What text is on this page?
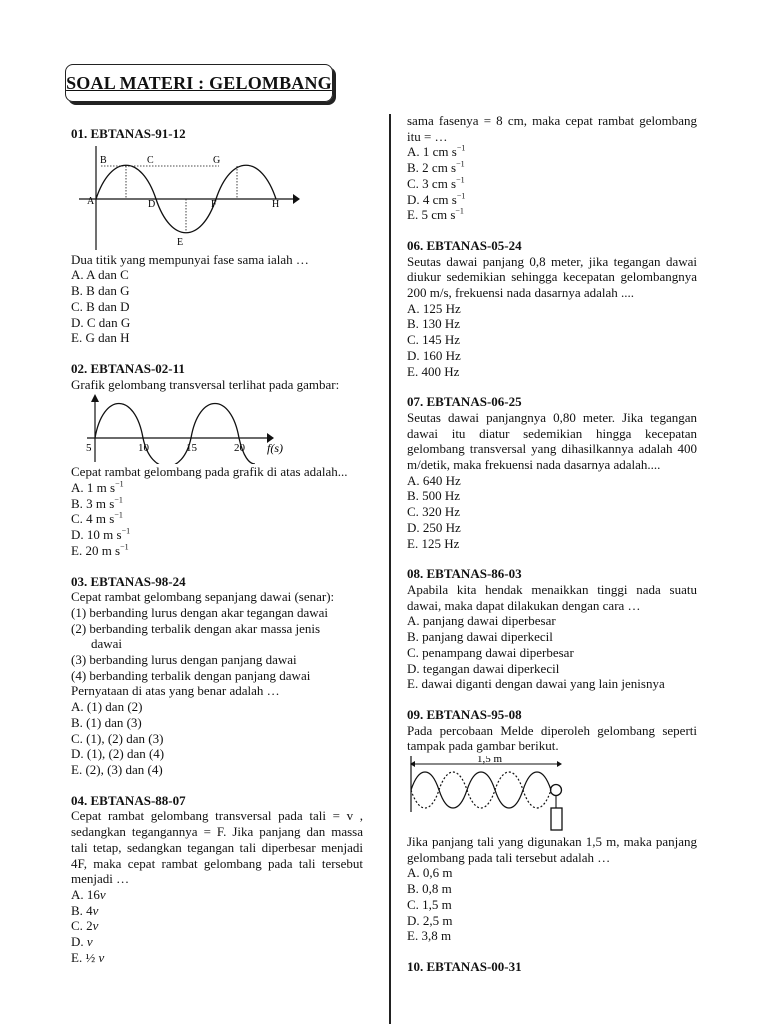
SOAL MATERI : GELOMBANG

01. EBTANAS-91-12

A
B	C
D
E
F
G
H

Dua titik yang mempunyai fase sama ialah …

A. A dan C

B. B dan G

C. B dan D

D. C dan G

E. G dan H

02. EBTANAS-02-11

Grafik gelombang transversal terlihat pada gambar:

5	10	15	20 f(s)

Cepat rambat gelombang pada grafik di atas adalah...

A. 1 m $s^{-1}$

B. 3 m $s^{-1}$

C. 4 m $s^{-1}$

D. 10 m $s^{-1}$

E. 20 m $s^{-1}$

03. EBTANAS-98-24

Cepat rambat gelombang sepanjang dawai (senar):

(1) berbanding lurus dengan akar tegangan dawai

(2) berbanding terbalik dengan akar massa jenis

dawai

(3) berbanding lurus dengan panjang dawai

(4) berbanding terbalik dengan panjang dawai

Pernyataan di atas yang benar adalah …

A. (1) dan (2)

B. (1) dan (3)

C. (1), (2) dan (3)

D. (1), (2) dan (4)

E. (2), (3) dan (4)

04. EBTANAS-88-07

Cepat rambat gelombang transversal pada tali = v , sedangkan tegangannya = F. Jika panjang dan massa tali tetap, sedangkan tegangan tali diperbesar menjadi 4F, maka cepat rambat gelombang pada tali tersebut menjadi …

A. 16v

B. 4v

C. 2v

D. v

E. ½ v

sama fasenya = 8 cm, maka cepat rambat gelombang itu = …

A. 1 cm $s^{-1}$

B. 2 cm $s^{-1}$

C. 3 cm $s^{-1}$

D. 4 cm $s^{-1}$

E. 5 cm $s^{-1}$

06. EBTANAS-05-24

Seutas dawai panjang 0,8 meter, jika tegangan dawai diukur sedemikian sehingga kecepatan gelombangnya 200 m/s, frekuensi nada dasarnya adalah ....

A. 125 Hz

B. 130 Hz

C. 145 Hz

D. 160 Hz

E. 400 Hz

07. EBTANAS-06-25

Seutas dawai panjangnya 0,80 meter. Jika tegangan dawai itu diatur sedemikian hingga kecepatan gelombang transversal yang dihasilkannya adalah 400 m/detik, maka frekuensi nada dasarnya adalah....

A. 640 Hz

B. 500 Hz

C. 320 Hz

D. 250 Hz

E. 125 Hz

08. EBTANAS-86-03

Apabila kita hendak menaikkan tinggi nada suatu dawai, maka dapat dilakukan dengan cara …

A. panjang dawai diperbesar

B. panjang dawai diperkecil

C. penampang dawai diperbesar

D. tegangan dawai diperkecil

E. dawai diganti dengan dawai yang lain jenisnya

09. EBTANAS-95-08

Pada percobaan Melde diperoleh gelombang seperti tampak pada gambar berikut.

1,5 m

Jika panjang tali yang digunakan 1,5 m, maka panjang gelombang pada tali tersebut adalah …

A. 0,6 m

B. 0,8 m

C. 1,5 m

D. 2,5 m

E. 3,8 m

10. EBTANAS-00-31
